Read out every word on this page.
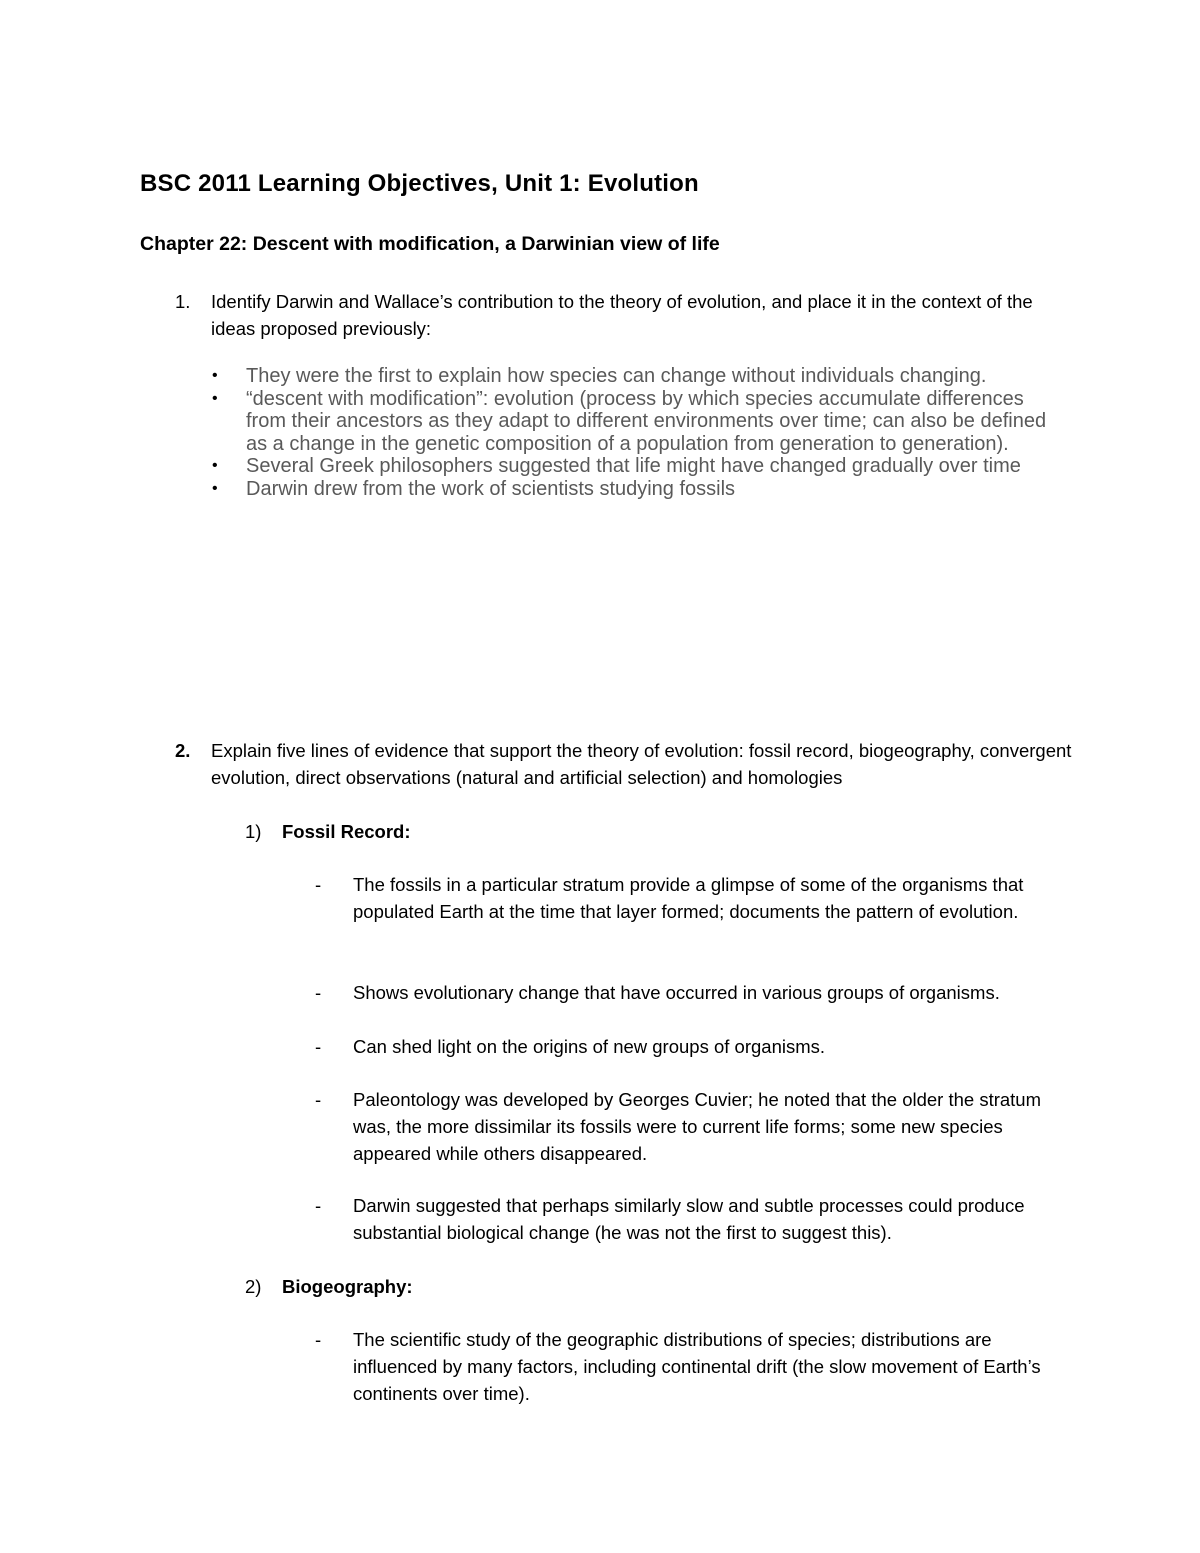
BSC 2011 Learning Objectives, Unit 1: Evolution
Chapter 22: Descent with modification, a Darwinian view of life
1. Identify Darwin and Wallace’s contribution to the theory of evolution, and place it in the context of the ideas proposed previously:
• They were the first to explain how species can change without individuals changing.
• “descent with modification”: evolution (process by which species accumulate differences from their ancestors as they adapt to different environments over time; can also be defined as a change in the genetic composition of a population from generation to generation).
• Several Greek philosophers suggested that life might have changed gradually over time
• Darwin drew from the work of scientists studying fossils
2. Explain five lines of evidence that support the theory of evolution: fossil record, biogeography, convergent evolution, direct observations (natural and artificial selection) and homologies
1) Fossil Record:
- The fossils in a particular stratum provide a glimpse of some of the organisms that populated Earth at the time that layer formed; documents the pattern of evolution.
- Shows evolutionary change that have occurred in various groups of organisms.
- Can shed light on the origins of new groups of organisms.
- Paleontology was developed by Georges Cuvier; he noted that the older the stratum was, the more dissimilar its fossils were to current life forms; some new species appeared while others disappeared.
- Darwin suggested that perhaps similarly slow and subtle processes could produce substantial biological change (he was not the first to suggest this).
2) Biogeography:
- The scientific study of the geographic distributions of species; distributions are influenced by many factors, including continental drift (the slow movement of Earth’s continents over time).
